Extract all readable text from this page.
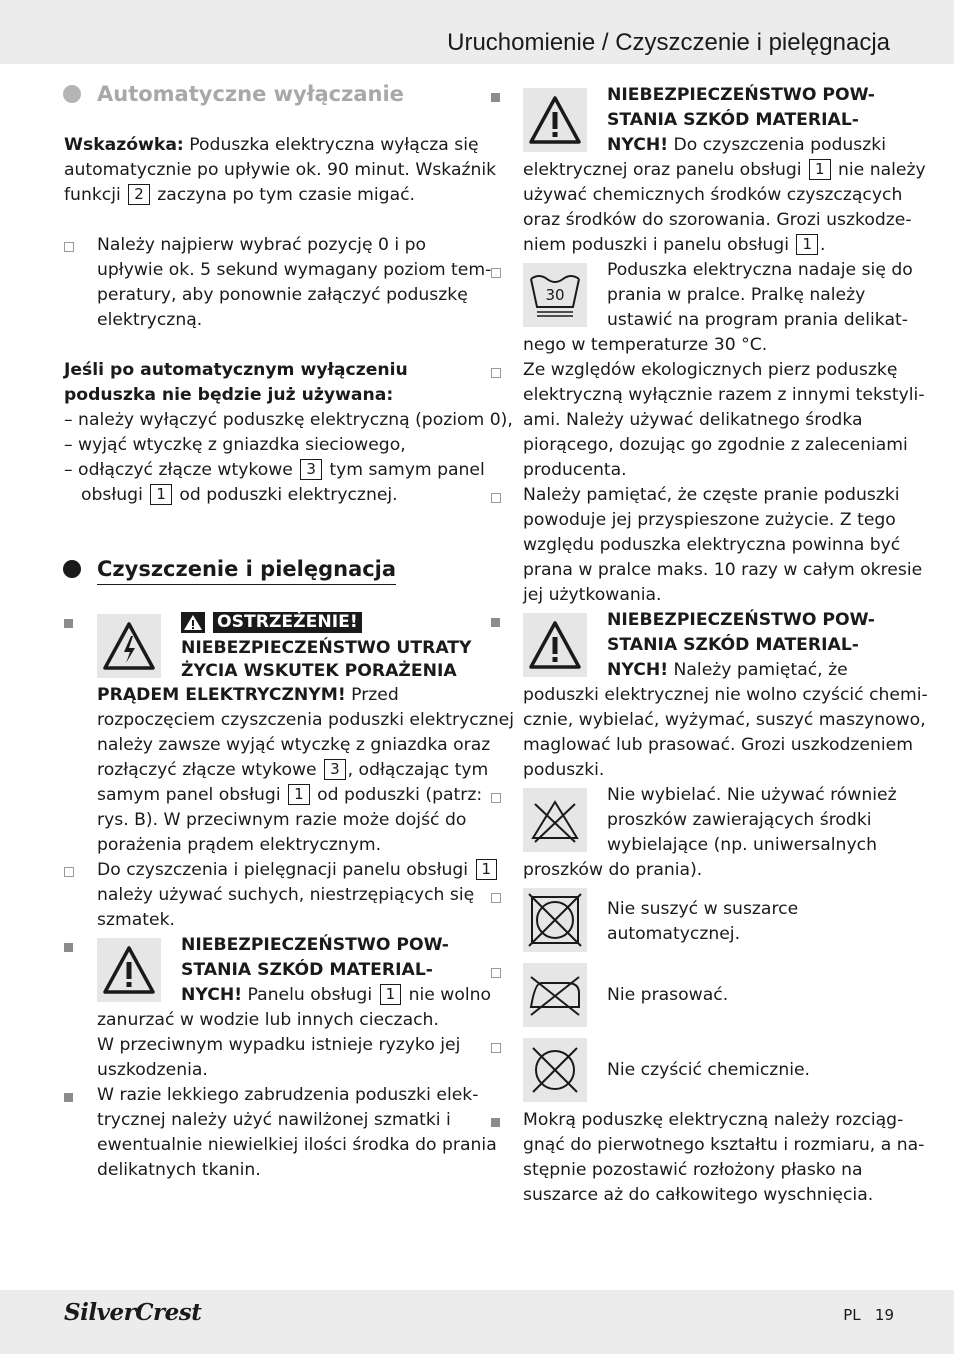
Uruchomienie / Czyszczenie i pielęgnacja
Automatyczne wyłączanie
Wskazówka: Poduszka elektryczna wyłącza się
automatycznie po upływie ok. 90 minut. Wskaźnik
funkcji 2 zaczyna po tym czasie migać.
Należy najpierw wybrać pozycję 0 i po
upływie ok. 5 sekund wymagany poziom tem-
peratury, aby ponownie załączyć poduszkę
elektryczną.
Jeśli po automatycznym wyłączeniu
poduszka nie będzie już używana:
– należy wyłączyć poduszkę elektryczną (poziom 0),
– wyjąć wtyczkę z gniazdka sieciowego,
– odłączyć złącze wtykowe 3 tym samym panel
obsługi 1 od poduszki elektrycznej.
Czyszczenie i pielęgnacja
OSTRZEŻENIE!
NIEBEZPIECZEŃSTWO UTRATY
ŻYCIA WSKUTEK PORAŻENIA
PRĄDEM ELEKTRYCZNYM! Przed
rozpoczęciem czyszczenia poduszki elektrycznej
należy zawsze wyjąć wtyczkę z gniazdka oraz
rozłączyć złącze wtykowe 3 , odłączając tym
samym panel obsługi 1 od poduszki (patrz:
rys. B). W przeciwnym razie może dojść do
porażenia prądem elektrycznym.
Do czyszczenia i pielęgnacji panelu obsługi 1
należy używać suchych, niestrzępiących się
szmatek.
NIEBEZPIECZEŃSTWO POW-
STANIA SZKÓD MATERIAL-
NYCH! Panelu obsługi 1 nie wolno
zanurzać w wodzie lub innych cieczach.
W przeciwnym wypadku istnieje ryzyko jej
uszkodzenia.
W razie lekkiego zabrudzenia poduszki elek-
trycznej należy użyć nawilżonej szmatki i
ewentualnie niewielkiej ilości środka do prania
delikatnych tkanin.
NIEBEZPIECZEŃSTWO POW-
STANIA SZKÓD MATERIAL-
NYCH! Do czyszczenia poduszki
elektrycznej oraz panelu obsługi 1 nie należy
używać chemicznych środków czyszczących
oraz środków do szorowania. Grozi uszkodze-
niem poduszki i panelu obsługi 1 .
30
Poduszka elektryczna nadaje się do
prania w pralce. Pralkę należy
ustawić na program prania delikat-
nego w temperaturze 30 °C.
Ze względów ekologicznych pierz poduszkę
elektryczną wyłącznie razem z innymi tekstyli-
ami. Należy używać delikatnego środka
piorącego, dozując go zgodnie z zaleceniami
producenta.
Należy pamiętać, że częste pranie poduszki
powoduje jej przyspieszone zużycie. Z tego
względu poduszka elektryczna powinna być
prana w pralce maks. 10 razy w całym okresie
jej użytkowania.
NIEBEZPIECZEŃSTWO POW-
STANIA SZKÓD MATERIAL-
NYCH! Należy pamiętać, że
poduszki elektrycznej nie wolno czyścić chemi-
cznie, wybielać, wyżymać, suszyć maszynowo,
maglować lub prasować. Grozi uszkodzeniem
poduszki.
Nie wybielać. Nie używać również
proszków zawierających środki
wybielające (np. uniwersalnych
proszków do prania).
Nie suszyć w suszarce
automatycznej.
Nie prasować.
Nie czyścić chemicznie.
Mokrą poduszkę elektryczną należy rozciąg-
gnąć do pierwotnego kształtu i rozmiaru, a na-
stępnie pozostawić rozłożony płasko na
suszarce aż do całkowitego wyschnięcia.
SilverCrest	PL 19
